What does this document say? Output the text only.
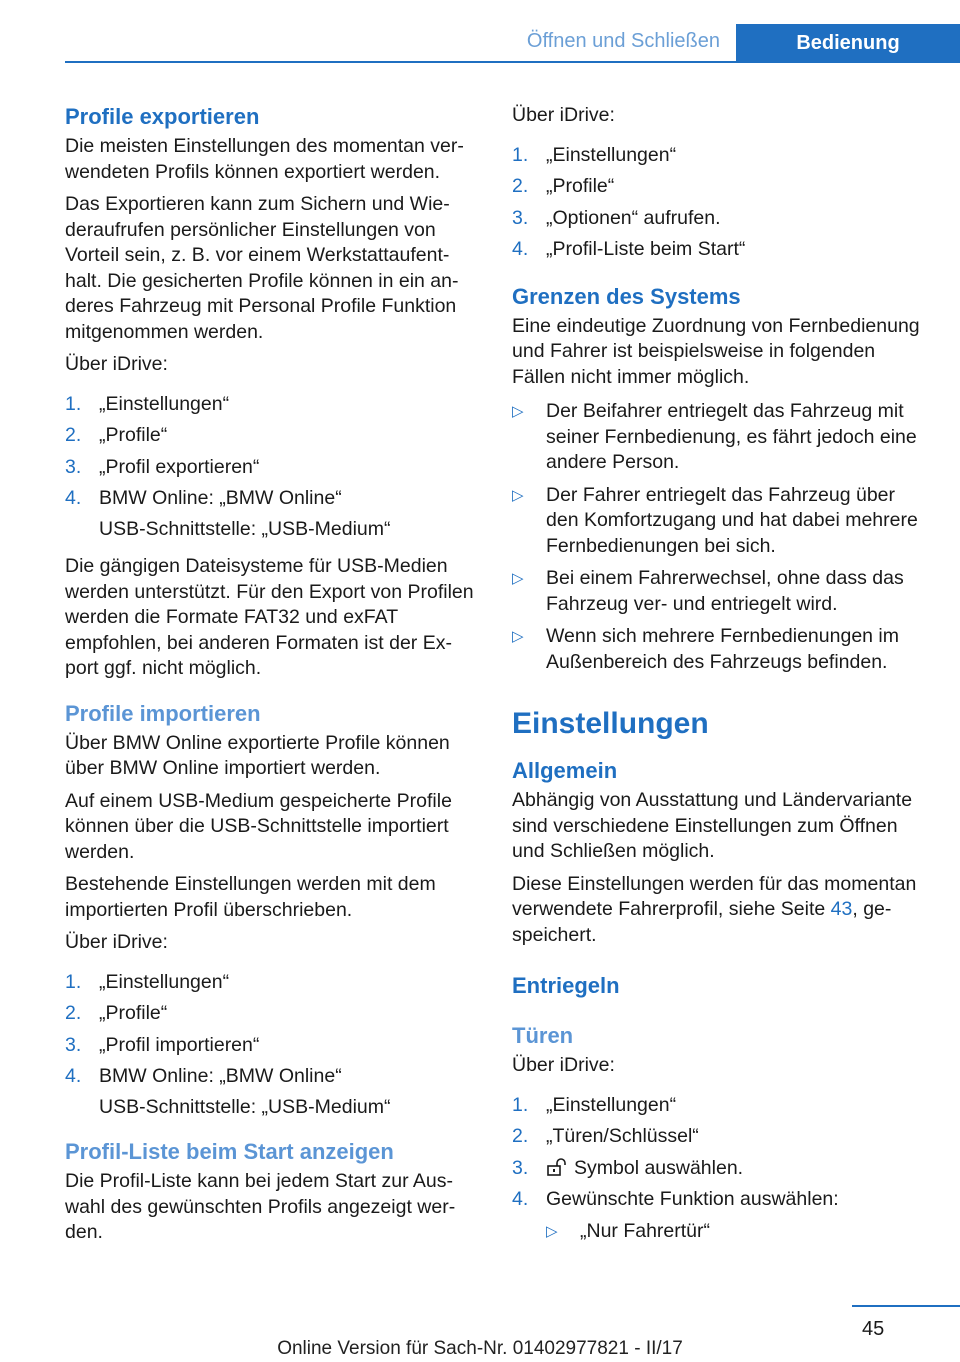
Öffnen und Schließen	Bedienung
Profile exportieren

Die meisten Einstellungen des momentan verwendeten Profils können exportiert werden.

Das Exportieren kann zum Sichern und Wiederaufrufen persönlicher Einstellungen von Vorteil sein, z. B. vor einem Werkstattaufenthalt. Die gesicherten Profile können in ein anderes Fahrzeug mit Personal Profile Funktion mitgenommen werden.

Über iDrive:

1. „Einstellungen“
2. „Profile“
3. „Profil exportieren“
4. BMW Online: „BMW Online“
USB-Schnittstelle: „USB-Medium“

Die gängigen Dateisysteme für USB-Medien werden unterstützt. Für den Export von Profilen werden die Formate FAT32 und exFAT empfohlen, bei anderen Formaten ist der Export ggf. nicht möglich.

Profile importieren

Über BMW Online exportierte Profile können über BMW Online importiert werden.

Auf einem USB-Medium gespeicherte Profile können über die USB-Schnittstelle importiert werden.

Bestehende Einstellungen werden mit dem importierten Profil überschrieben.

Über iDrive:

1. „Einstellungen“
2. „Profile“
3. „Profil importieren“
4. BMW Online: „BMW Online“
USB-Schnittstelle: „USB-Medium“
Profil-Liste beim Start anzeigen

Die Profil-Liste kann bei jedem Start zur Auswahl des gewünschten Profils angezeigt werden.

Über iDrive:

1. „Einstellungen“
2. „Profile“
3. „Optionen“ aufrufen.
4. „Profil-Liste beim Start“
Grenzen des Systems

Eine eindeutige Zuordnung von Fernbedienung und Fahrer ist beispielsweise in folgenden Fällen nicht immer möglich.

▷	Der Beifahrer entriegelt das Fahrzeug mit seiner Fernbedienung, es fährt jedoch eine andere Person.
▷	Der Fahrer entriegelt das Fahrzeug über den Komfortzugang und hat dabei mehrere Fernbedienungen bei sich.
▷	Bei einem Fahrerwechsel, ohne dass das Fahrzeug ver- und entriegelt wird.
▷	Wenn sich mehrere Fernbedienungen im Außenbereich des Fahrzeugs befinden.
Einstellungen
Allgemein

Abhängig von Ausstattung und Ländervariante sind verschiedene Einstellungen zum Öffnen und Schließen möglich.

Diese Einstellungen werden für das momentan verwendete Fahrerprofil, siehe Seite 43, gespeichert.

Entriegeln
Türen

Über iDrive:

1. „Einstellungen“
2. „Türen/Schlüssel“
3.	Symbol auswählen.
4. Gewünschte Funktion auswählen:
▷	„Nur Fahrertür“
45
Online Version für Sach-Nr. 01402977821 - II/17
